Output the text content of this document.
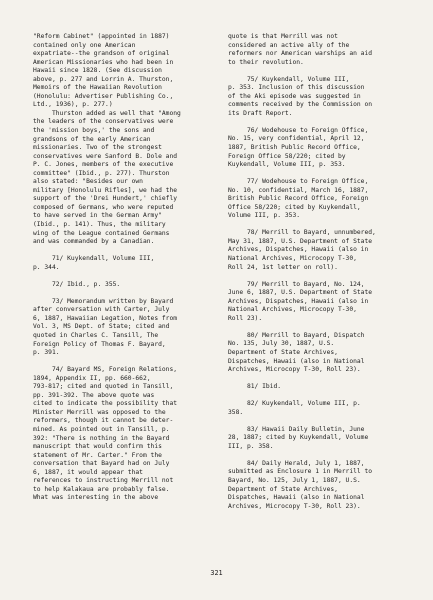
"Reform Cabinet" (appointed in 1887)
contained only one American
expatriate--the grandson of original
American Missionaries who had been in
Hawaii since 1828. (See discussion
above, p. 277 and Lorrin A. Thurston,
Memoirs of the Hawaiian Revolution
(Honolulu: Advertiser Publishing Co.,
Ltd., 1936), p. 277.)
Thurston added as well that "Among
the leaders of the conservatives were
the 'mission boys,' the sons and
grandsons of the early American
missionaries. Two of the strongest
conservatives were Sanford B. Dole and
P. C. Jones, members of the executive
committee" (Ibid., p. 277). Thurston
also stated: "Besides our own
military [Honolulu Rifles], we had the
support of the 'Drei Hundert,' chiefly
composed of Germans, who were reputed
to have served in the German Army"
(Ibid., p. 141). Thus, the military
wing of the League contained Germans
and was commanded by a Canadian.
71/ Kuykendall, Volume III,
p. 344.
72/ Ibid., p. 355.
73/ Memorandum written by Bayard
after conversation with Carter, July
6, 1887, Hawaiian Legation, Notes from
Vol. 3, MS Dept. of State; cited and
quoted in Charles C. Tansill, The
Foreign Policy of Thomas F. Bayard,
p. 391.
74/ Bayard MS, Foreign Relations,
1894, Appendix II, pp. 660-662,
793-817; cited and quoted in Tansill,
pp. 391-392. The above quote was
cited to indicate the possibility that
Minister Merrill was opposed to the
reformers, though it cannot be deter-
mined. As pointed out in Tansill, p.
392: "There is nothing in the Bayard
manuscript that would confirm this
statement of Mr. Carter." From the
conversation that Bayard had on July
6, 1887, it would appear that
references to instructing Merrill not
to help Kalakaua are probably false.
What was interesting in the above
quote is that Merrill was not
considered an active ally of the
reformers nor American warships an aid
to their revolution.
75/ Kuykendall, Volume III,
p. 353. Inclusion of this discussion
of the Aki episode was suggested in
comments received by the Commission on
its Draft Report.
76/ Wodehouse to Foreign Office,
No. 15, very confidential, April 12,
1887, British Public Record Office,
Foreign Office 58/220; cited by
Kuykendall, Volume III, p. 353.
77/ Wodehouse to Foreign Office,
No. 10, confidential, March 16, 1887,
British Public Record Office, Foreign
Office 58/220; cited by Kuykendall,
Volume III, p. 353.
78/ Merrill to Bayard, unnumbered,
May 31, 1887, U.S. Department of State
Archives, Dispatches, Hawaii (also in
National Archives, Microcopy T-30,
Roll 24, 1st letter on roll).
79/ Merrill to Bayard, No. 124,
June 6, 1887, U.S. Department of State
Archives, Dispatches, Hawaii (also in
National Archives, Microcopy T-30,
Roll 23).
80/ Merrill to Bayard, Dispatch
No. 135, July 30, 1887, U.S.
Department of State Archives,
Dispatches, Hawaii (also in National
Archives, Microcopy T-30, Roll 23).
81/ Ibid.
82/ Kuykendall, Volume III, p.
358.
83/ Hawaii Daily Bulletin, June
28, 1887; cited by Kuykendall, Volume
III, p. 358.
84/ Daily Herald, July 1, 1887,
submitted as Enclosure 1 in Merrill to
Bayard, No. 125, July 1, 1887, U.S.
Department of State Archives,
Dispatches, Hawaii (also in National
Archives, Microcopy T-30, Roll 23).
321
